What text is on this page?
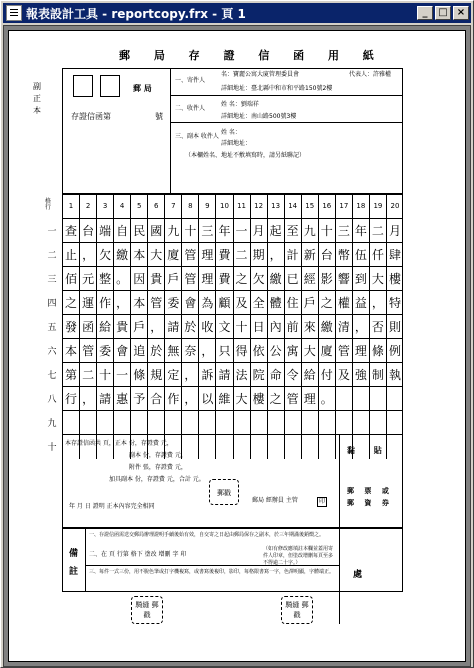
報表設計工具 - reportcopy.frx - 頁 1	_	□ ×
郵 局 存 證 信 函 用 紙
副 正 本
郵 局
存證信函第	號
一、寄件人
名：寶麗公寓大廈管理委員會	代表人：許雅權
詳細地址：臺北縣中和市和平路150號2樓
二、收件人
姓 名：劉瑞祥
詳細地址：南山路500號3樓
三、副本 收件人
姓 名：
詳細地址：
（本欄姓名、地址不敷填寫時，請另紙聯記）
1	2	3	4	5	6	7	8	9	10	11	12	13	14	15	16	17	18	19	20
格行
一 查 台 端 自 民 國 九 十 三 年 一 月 起 至 九 十 三 年 二 月
二 止 ， 欠 繳 本 大 廈 管 理 費 二 期 ， 計 新 台 幣 伍 仟 肆
三 佰 元 整 。 因 貴 戶 管 理 費 之 欠 繳 已 經 影 響 到 大 樓
四 之 運 作 ， 本 管 委 會 為 顧 及 全 體 住 戶 之 權 益 ， 特
五 發 函 給 貴 戶 ， 請 於 收 文 十 日 內 前 來 繳 清 ， 否 則
六 本 管 委 會 追 於 無 奈 ， 只 得 依 公 寓 大 廈 管 理 條 例
七 第 二 十 一 條 規 定 ， 訴 請 法 院 命 令 給 付 及 強 制 執
八 行 ， 請 惠 予 合 作 ， 以 維 大 樓 之 管 理 。
九
十	本存證信函共 頁，正本 份，存證費 元，
副本 份，存證費 元，
附件 張，存證費 元，
加具副本 份，存證費 元，合計 元。
郵戳
年 月 日 證明 正本內容完全相同
郵局 經辦員 主管	印
黏 貼
郵 票 或 郵 資 券
備 註
一、存證信函需送交郵局辦理證明手續後始有效，自交寄之日起由郵局保存之副本，於三年期滿後銷燬之。
二、在 頁 行第 格下 塗改 增刪 字 印
（如有修改應填註本欄並蓋用寄件人印章，但塗改增刪每頁至多不得逾二十字。）
三、每件一式三份，用不脫色筆或打字機複寫，或書寫後複印，影印，每格限書寫一字，色澤明顯，字體端正。 處
騎縫 郵戳
騎縫 郵戳
